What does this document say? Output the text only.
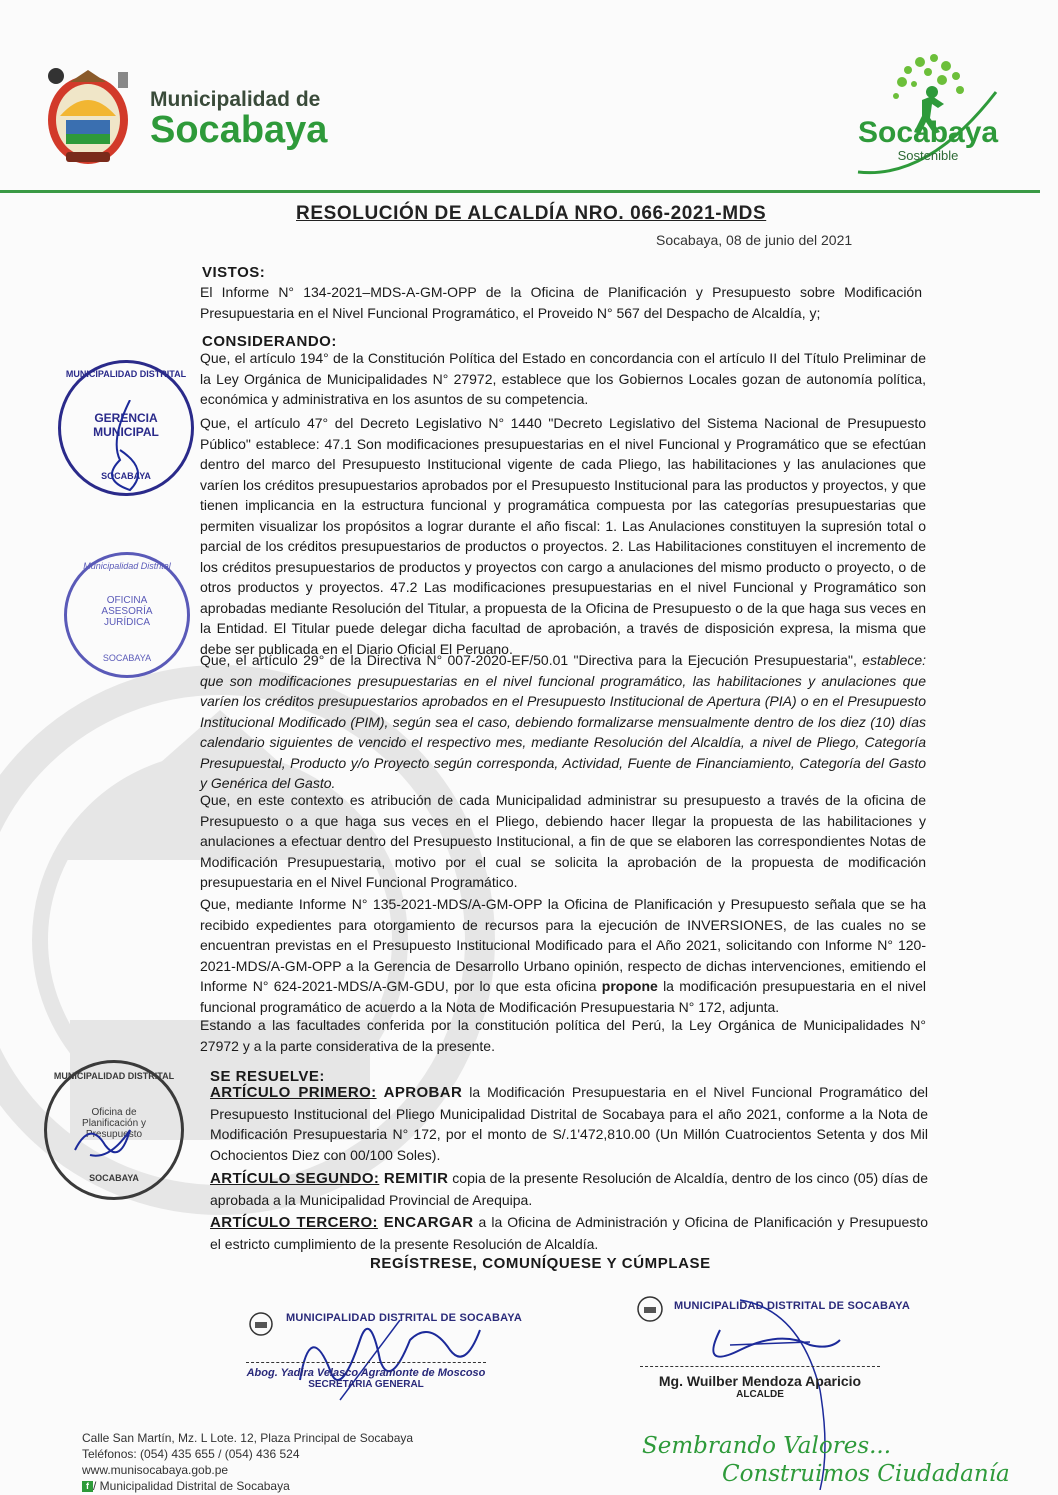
Municipalidad de
Socabaya	Socabaya
Sostenible
RESOLUCIÓN DE ALCALDÍA NRO. 066-2021-MDS
Socabaya, 08 de junio del 2021
VISTOS:
El Informe N° 134-2021–MDS-A-GM-OPP de la Oficina de Planificación y Presupuesto sobre Modificación Presupuestaria en el Nivel Funcional Programático, el Proveido N° 567 del Despacho de Alcaldía, y;
CONSIDERANDO:
Que, el artículo 194° de la Constitución Política del Estado en concordancia con el artículo II del Título Preliminar de la Ley Orgánica de Municipalidades N° 27972, establece que los Gobiernos Locales gozan de autonomía política, económica y administrativa en los asuntos de su competencia.
Que, el artículo 47° del Decreto Legislativo N° 1440 "Decreto Legislativo del Sistema Nacional de Presupuesto Público" establece: 47.1 Son modificaciones presupuestarias en el nivel Funcional y Programático que se efectúan dentro del marco del Presupuesto Institucional vigente de cada Pliego, las habilitaciones y las anulaciones que varíen los créditos presupuestarios aprobados por el Presupuesto Institucional para las productos y proyectos, y que tienen implicancia en la estructura funcional y programática compuesta por las categorías presupuestarias que permiten visualizar los propósitos a lograr durante el año fiscal: 1. Las Anulaciones constituyen la supresión total o parcial de los créditos presupuestarios de productos o proyectos. 2. Las Habilitaciones constituyen el incremento de los créditos presupuestarios de productos y proyectos con cargo a anulaciones del mismo producto o proyecto, o de otros productos y proyectos. 47.2 Las modificaciones presupuestarias en el nivel Funcional y Programático son aprobadas mediante Resolución del Titular, a propuesta de la Oficina de Presupuesto o de la que haga sus veces en la Entidad. El Titular puede delegar dicha facultad de aprobación, a través de disposición expresa, la misma que debe ser publicada en el Diario Oficial El Peruano.
Que, el artículo 29° de la Directiva N° 007-2020-EF/50.01 "Directiva para la Ejecución Presupuestaria", establece: que son modificaciones presupuestarias en el nivel funcional programático, las habilitaciones y anulaciones que varíen los créditos presupuestarios aprobados en el Presupuesto Institucional de Apertura (PIA) o en el Presupuesto Institucional Modificado (PIM), según sea el caso, debiendo formalizarse mensualmente dentro de los diez (10) días calendario siguientes de vencido el respectivo mes, mediante Resolución del Alcaldía, a nivel de Pliego, Categoría Presupuestal, Producto y/o Proyecto según corresponda, Actividad, Fuente de Financiamiento, Categoría del Gasto y Genérica del Gasto.
Que, en este contexto es atribución de cada Municipalidad administrar su presupuesto a través de la oficina de Presupuesto o a que haga sus veces en el Pliego, debiendo hacer llegar la propuesta de las habilitaciones y anulaciones a efectuar dentro del Presupuesto Institucional, a fin de que se elaboren las correspondientes Notas de Modificación Presupuestaria, motivo por el cual se solicita la aprobación de la propuesta de modificación presupuestaria en el Nivel Funcional Programático.
Que, mediante Informe N° 135-2021-MDS/A-GM-OPP la Oficina de Planificación y Presupuesto señala que se ha recibido expedientes para otorgamiento de recursos para la ejecución de INVERSIONES, de las cuales no se encuentran previstas en el Presupuesto Institucional Modificado para el Año 2021, solicitando con Informe N° 120-2021-MDS/A-GM-OPP a la Gerencia de Desarrollo Urbano opinión, respecto de dichas intervenciones, emitiendo el Informe N° 624-2021-MDS/A-GM-GDU, por lo que esta oficina propone la modificación presupuestaria en el nivel funcional programático de acuerdo a la Nota de Modificación Presupuestaria N° 172, adjunta.
Estando a las facultades conferida por la constitución política del Perú, la Ley Orgánica de Municipalidades N° 27972 y a la parte considerativa de la presente.
SE RESUELVE:
ARTÍCULO PRIMERO: APROBAR la Modificación Presupuestaria en el Nivel Funcional Programático del Presupuesto Institucional del Pliego Municipalidad Distrital de Socabaya para el año 2021, conforme a la Nota de Modificación Presupuestaria N° 172, por el monto de S/.1'472,810.00 (Un Millón Cuatrocientos Setenta y dos Mil Ochocientos Diez con 00/100 Soles).
ARTÍCULO SEGUNDO: REMITIR copia de la presente Resolución de Alcaldía, dentro de los cinco (05) días de aprobada a la Municipalidad Provincial de Arequipa.
ARTÍCULO TERCERO: ENCARGAR a la Oficina de Administración y Oficina de Planificación y Presupuesto el estricto cumplimiento de la presente Resolución de Alcaldía.
REGÍSTRESE, COMUNÍQUESE Y CÚMPLASE
MUNICIPALIDAD DISTRITAL
GERENCIA MUNICIPAL
SOCABAYA
Municipalidad Distrital
OFICINA ASESORÍA JURÍDICA
SOCABAYA
MUNICIPALIDAD DISTRITAL
Oficina de Planificación y Presupuesto
SOCABAYA
MUNICIPALIDAD DISTRITAL DE SOCABAYA
Abog. Yadira Velasco Agramonte de Moscoso
SECRETARIA GENERAL
MUNICIPALIDAD DISTRITAL DE SOCABAYA
Mg. Wuilber Mendoza Aparicio
ALCALDE
Calle San Martín, Mz. L Lote. 12, Plaza Principal de Socabaya
Teléfonos: (054) 435 655 / (054) 436 524
www.munisocabaya.gob.pe
f / Municipalidad Distrital de Socabaya
Sembrando Valores...
Construimos Ciudadanía
